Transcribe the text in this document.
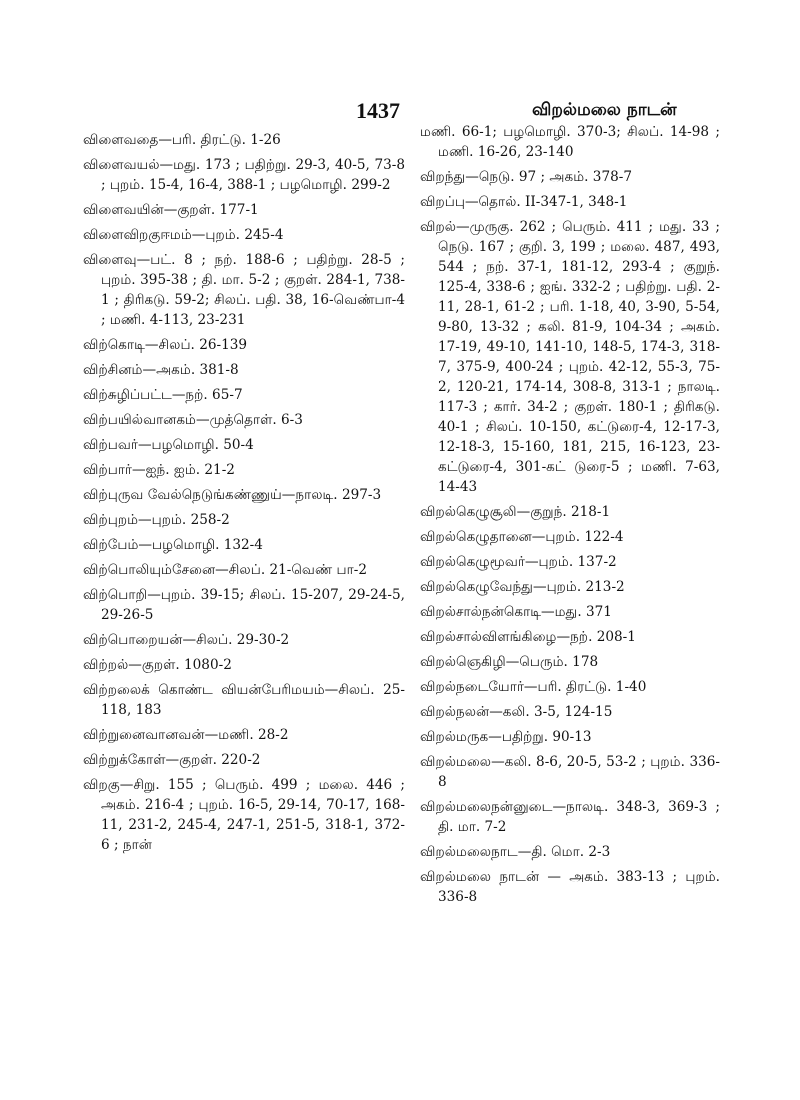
1437	விறல்மலை நாடன்

விளைவதை—பரி. திரட்டு. 1-26

விளைவயல்—மது. 173 ; பதிற்று. 29-3, 40-5, 73-8 ; புறம். 15-4, 16-4, 388-1 ; பழமொழி. 299-2

விளைவயின்—குறள். 177-1

விளைவிறகுஈமம்—புறம். 245-4

விளைவு—பட். 8 ; நற். 188-6 ; பதிற்று. 28-5 ; புறம். 395-38 ; தி. மா. 5-2 ; குறள். 284-1, 738-1 ; திரிகடு. 59-2; சிலப். பதி. 38, 16-வெண்பா-4 ; மணி. 4-113, 23-231

விற்கொடி—சிலப். 26-139

விற்சினம்—அகம். 381-8

விற்சுழிப்பட்ட—நற். 65-7

விற்பயில்வானகம்—முத்தொள். 6-3

விற்பவர்—பழமொழி. 50-4

விற்பார்—ஐந். ஐம். 21-2

விற்புருவ வேல்நெடுங்கண்ணுய்—நாலடி. 297-3

விற்புறம்—புறம். 258-2

விற்பேம்—பழமொழி. 132-4

விற்பொலியும்சேனை—சிலப். 21-வெண் பா-2

விற்பொறி—புறம். 39-15; சிலப். 15-207, 29-24-5, 29-26-5

விற்பொறையன்—சிலப். 29-30-2

விற்றல்—குறள். 1080-2

விற்றலைக் கொண்ட வியன்பேரிமயம்—சிலப். 25-118, 183

விற்றுனைவானவன்—மணி. 28-2

விற்றுக்கோள்—குறள். 220-2

விறகு—சிறு. 155 ; பெரும். 499 ; மலை. 446 ; அகம். 216-4 ; புறம். 16-5, 29-14, 70-17, 168-11, 231-2, 245-4, 247-1, 251-5, 318-1, 372-6 ; நான்

மணி. 66-1; பழமொழி. 370-3; சிலப். 14-98 ; மணி. 16-26, 23-140

விறந்து—நெடு. 97 ; அகம். 378-7

விறப்பு—தொல். II-347-1, 348-1

விறல்—முருகு. 262 ; பெரும். 411 ; மது. 33 ; நெடு. 167 ; குறி. 3, 199 ; மலை. 487, 493, 544 ; நற். 37-1, 181-12, 293-4 ; குறுந். 125-4, 338-6 ; ஐங். 332-2 ; பதிற்று. பதி. 2-11, 28-1, 61-2 ; பரி. 1-18, 40, 3-90, 5-54, 9-80, 13-32 ; கலி. 81-9, 104-34 ; அகம். 17-19, 49-10, 141-10, 148-5, 174-3, 318-7, 375-9, 400-24 ; புறம். 42-12, 55-3, 75-2, 120-21, 174-14, 308-8, 313-1 ; நாலடி. 117-3 ; கார். 34-2 ; குறள். 180-1 ; திரிகடு. 40-1 ; சிலப். 10-150, கட்டுரை-4, 12-17-3, 12-18-3, 15-160, 181, 215, 16-123, 23-கட்டுரை-4, 301-கட் டுரை-5 ; மணி. 7-63, 14-43

விறல்கெழுசூலி—குறுந். 218-1

விறல்கெழுதானை—புறம். 122-4

விறல்கெழுமூவர்—புறம். 137-2

விறல்கெழுவேந்து—புறம். 213-2

விறல்சால்நன்கொடி—மது. 371

விறல்சால்விளங்கிழை—நற். 208-1

விறல்ஞெகிழி—பெரும். 178

விறல்நடையோர்—பரி. திரட்டு. 1-40

விறல்நலன்—கலி. 3-5, 124-15

விறல்மருக—பதிற்று. 90-13

விறல்மலை—கலி. 8-6, 20-5, 53-2 ; புறம். 336-8

விறல்மலைநன்னுடை—நாலடி. 348-3, 369-3 ; தி. மா. 7-2

விறல்மலைநாட—தி. மொ. 2-3

விறல்மலை நாடன் — அகம். 383-13 ; புறம். 336-8
